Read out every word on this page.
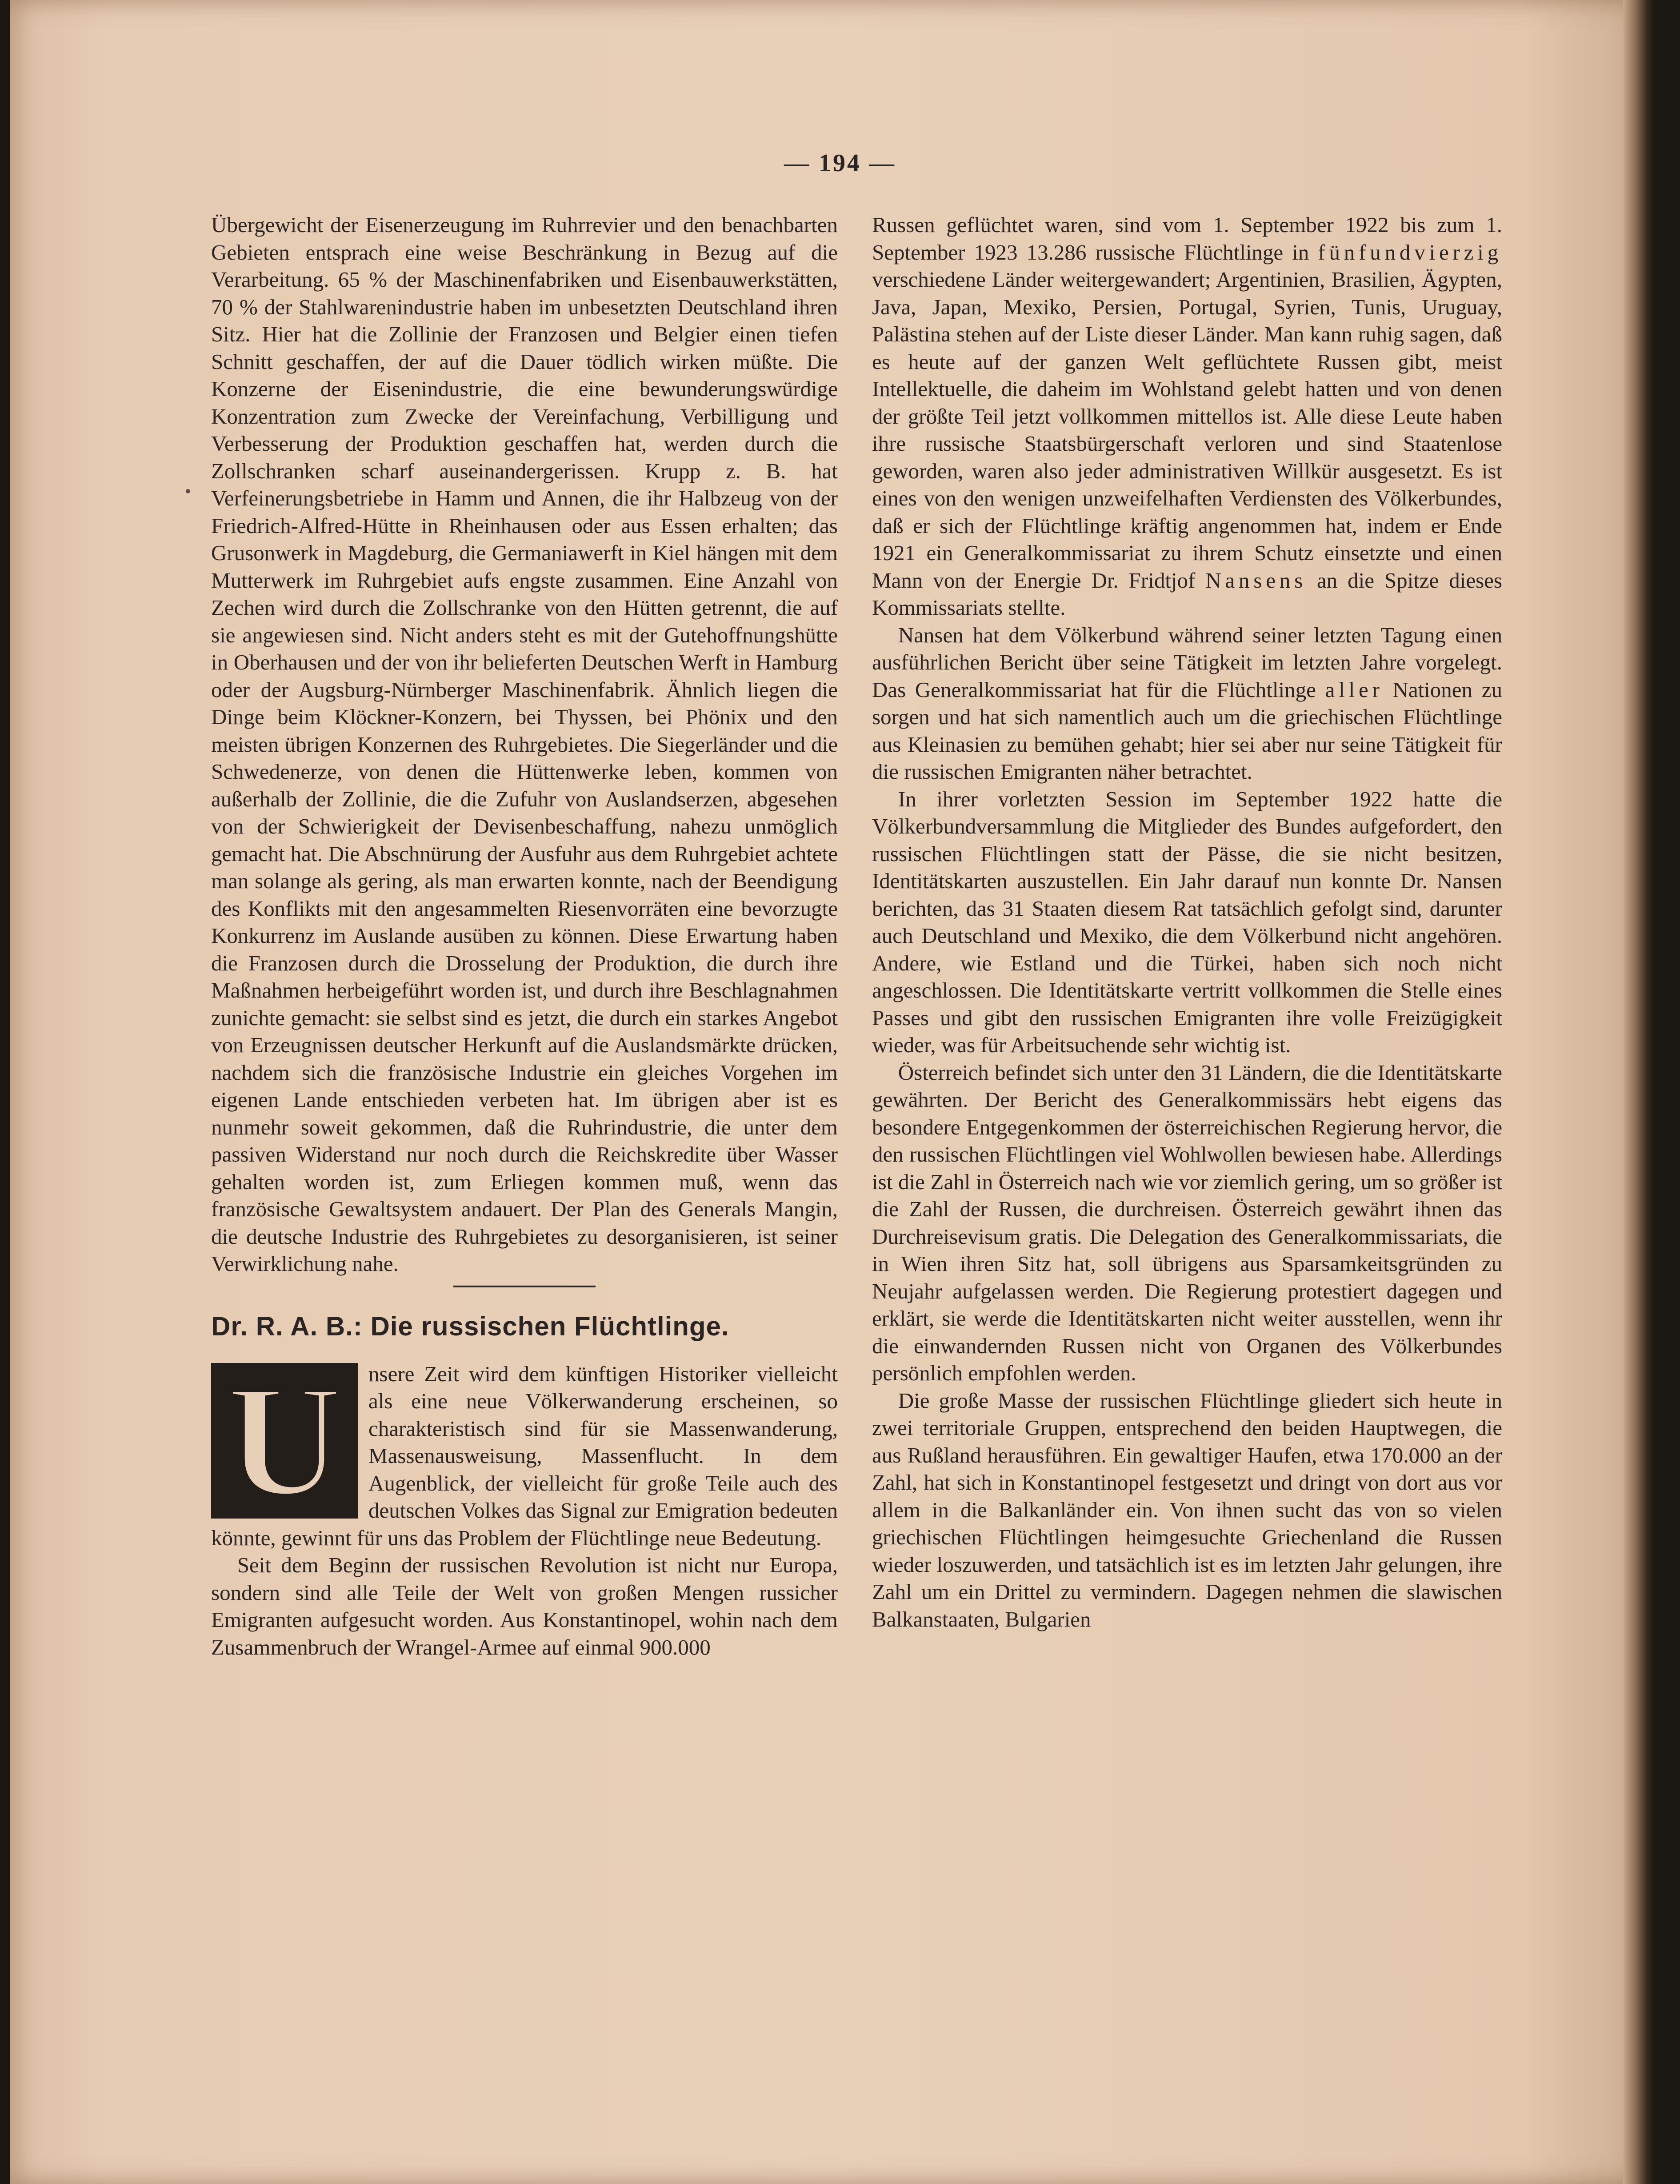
— 194 —

Übergewicht der Eisenerzeugung im Ruhrrevier und den benachbarten Gebieten entsprach eine weise Beschränkung in Bezug auf die Verarbeitung. 65 % der Maschinenfabriken und Eisenbauwerkstätten, 70 % der Stahlwarenindustrie haben im unbesetzten Deutschland ihren Sitz. Hier hat die Zollinie der Franzosen und Belgier einen tiefen Schnitt geschaffen, der auf die Dauer tödlich wirken müßte. Die Konzerne der Eisenindustrie, die eine bewunderungswürdige Konzentration zum Zwecke der Vereinfachung, Verbilligung und Verbesserung der Produktion geschaffen hat, werden durch die Zollschranken scharf auseinandergerissen. Krupp z. B. hat Verfeinerungsbetriebe in Hamm und Annen, die ihr Halbzeug von der Friedrich-Alfred-Hütte in Rheinhausen oder aus Essen erhalten; das Grusonwerk in Magdeburg, die Germaniawerft in Kiel hängen mit dem Mutterwerk im Ruhrgebiet aufs engste zusammen. Eine Anzahl von Zechen wird durch die Zollschranke von den Hütten getrennt, die auf sie angewiesen sind. Nicht anders steht es mit der Gutehoffnungshütte in Oberhausen und der von ihr belieferten Deutschen Werft in Hamburg oder der Augsburg-Nürnberger Maschinenfabrik. Ähnlich liegen die Dinge beim Klöckner-Konzern, bei Thyssen, bei Phönix und den meisten übrigen Konzernen des Ruhrgebietes. Die Siegerländer und die Schwedenerze, von denen die Hüttenwerke leben, kommen von außerhalb der Zollinie, die die Zufuhr von Auslandserzen, abgesehen von der Schwierigkeit der Devisenbeschaffung, nahezu unmöglich gemacht hat. Die Abschnürung der Ausfuhr aus dem Ruhrgebiet achtete man solange als gering, als man erwarten konnte, nach der Beendigung des Konflikts mit den angesammelten Riesenvorräten eine bevorzugte Konkurrenz im Auslande ausüben zu können. Diese Erwartung haben die Franzosen durch die Drosselung der Produktion, die durch ihre Maßnahmen herbeigeführt worden ist, und durch ihre Beschlagnahmen zunichte gemacht: sie selbst sind es jetzt, die durch ein starkes Angebot von Erzeugnissen deutscher Herkunft auf die Auslandsmärkte drücken, nachdem sich die französische Industrie ein gleiches Vorgehen im eigenen Lande entschieden verbeten hat. Im übrigen aber ist es nunmehr soweit gekommen, daß die Ruhrindustrie, die unter dem passiven Widerstand nur noch durch die Reichskredite über Wasser gehalten worden ist, zum Erliegen kommen muß, wenn das französische Gewaltsystem andauert. Der Plan des Generals Mangin, die deutsche Industrie des Ruhrgebietes zu desorganisieren, ist seiner Verwirklichung nahe.

Dr. R. A. B.: Die russischen Flüchtlinge.
U	nsere Zeit wird dem künftigen Historiker vielleicht als eine neue Völkerwanderung erscheinen, so charakteristisch sind für sie Massenwanderung, Massenausweisung, Massenflucht. In dem Augenblick, der vielleicht für große Teile auch des deutschen Volkes das Signal zur Emigration bedeuten könnte, gewinnt für uns das Problem der Flüchtlinge neue Bedeutung.

Seit dem Beginn der russischen Revolution ist nicht nur Europa, sondern sind alle Teile der Welt von großen Mengen russicher Emigranten aufgesucht worden. Aus Konstantinopel, wohin nach dem Zusammenbruch der Wrangel-Armee auf einmal 900.000

Russen geflüchtet waren, sind vom 1. September 1922 bis zum 1. September 1923 13.286 russische Flüchtlinge in fünfundvierzig verschiedene Länder weitergewandert; Argentinien, Brasilien, Ägypten, Java, Japan, Mexiko, Persien, Portugal, Syrien, Tunis, Uruguay, Palästina stehen auf der Liste dieser Länder. Man kann ruhig sagen, daß es heute auf der ganzen Welt geflüchtete Russen gibt, meist Intellektuelle, die daheim im Wohlstand gelebt hatten und von denen der größte Teil jetzt vollkommen mittellos ist. Alle diese Leute haben ihre russische Staatsbürgerschaft verloren und sind Staatenlose geworden, waren also jeder administrativen Willkür ausgesetzt. Es ist eines von den wenigen unzweifelhaften Verdiensten des Völkerbundes, daß er sich der Flüchtlinge kräftig angenommen hat, indem er Ende 1921 ein Generalkommissariat zu ihrem Schutz einsetzte und einen Mann von der Energie Dr. Fridtjof Nansens an die Spitze dieses Kommissariats stellte.

Nansen hat dem Völkerbund während seiner letzten Tagung einen ausführlichen Bericht über seine Tätigkeit im letzten Jahre vorgelegt. Das Generalkommissariat hat für die Flüchtlinge aller Nationen zu sorgen und hat sich namentlich auch um die griechischen Flüchtlinge aus Kleinasien zu bemühen gehabt; hier sei aber nur seine Tätigkeit für die russischen Emigranten näher betrachtet.

In ihrer vorletzten Session im September 1922 hatte die Völkerbundversammlung die Mitglieder des Bundes aufgefordert, den russischen Flüchtlingen statt der Pässe, die sie nicht besitzen, Identitätskarten auszustellen. Ein Jahr darauf nun konnte Dr. Nansen berichten, das 31 Staaten diesem Rat tatsächlich gefolgt sind, darunter auch Deutschland und Mexiko, die dem Völkerbund nicht angehören. Andere, wie Estland und die Türkei, haben sich noch nicht angeschlossen. Die Identitätskarte vertritt vollkommen die Stelle eines Passes und gibt den russischen Emigranten ihre volle Freizügigkeit wieder, was für Arbeitsuchende sehr wichtig ist.

Österreich befindet sich unter den 31 Ländern, die die Identitätskarte gewährten. Der Bericht des Generalkommissärs hebt eigens das besondere Entgegenkommen der österreichischen Regierung hervor, die den russischen Flüchtlingen viel Wohlwollen bewiesen habe. Allerdings ist die Zahl in Österreich nach wie vor ziemlich gering, um so größer ist die Zahl der Russen, die durchreisen. Österreich gewährt ihnen das Durchreisevisum gratis. Die Delegation des Generalkommissariats, die in Wien ihren Sitz hat, soll übrigens aus Sparsamkeitsgründen zu Neujahr aufgelassen werden. Die Regierung protestiert dagegen und erklärt, sie werde die Identitätskarten nicht weiter ausstellen, wenn ihr die einwandernden Russen nicht von Organen des Völkerbundes persönlich empfohlen werden.

Die große Masse der russischen Flüchtlinge gliedert sich heute in zwei territoriale Gruppen, entsprechend den beiden Hauptwegen, die aus Rußland herausführen. Ein gewaltiger Haufen, etwa 170.000 an der Zahl, hat sich in Konstantinopel festgesetzt und dringt von dort aus vor allem in die Balkanländer ein. Von ihnen sucht das von so vielen griechischen Flüchtlingen heimgesuchte Griechenland die Russen wieder loszuwerden, und tatsächlich ist es im letzten Jahr gelungen, ihre Zahl um ein Drittel zu vermindern. Dagegen nehmen die slawischen Balkanstaaten, Bulgarien
